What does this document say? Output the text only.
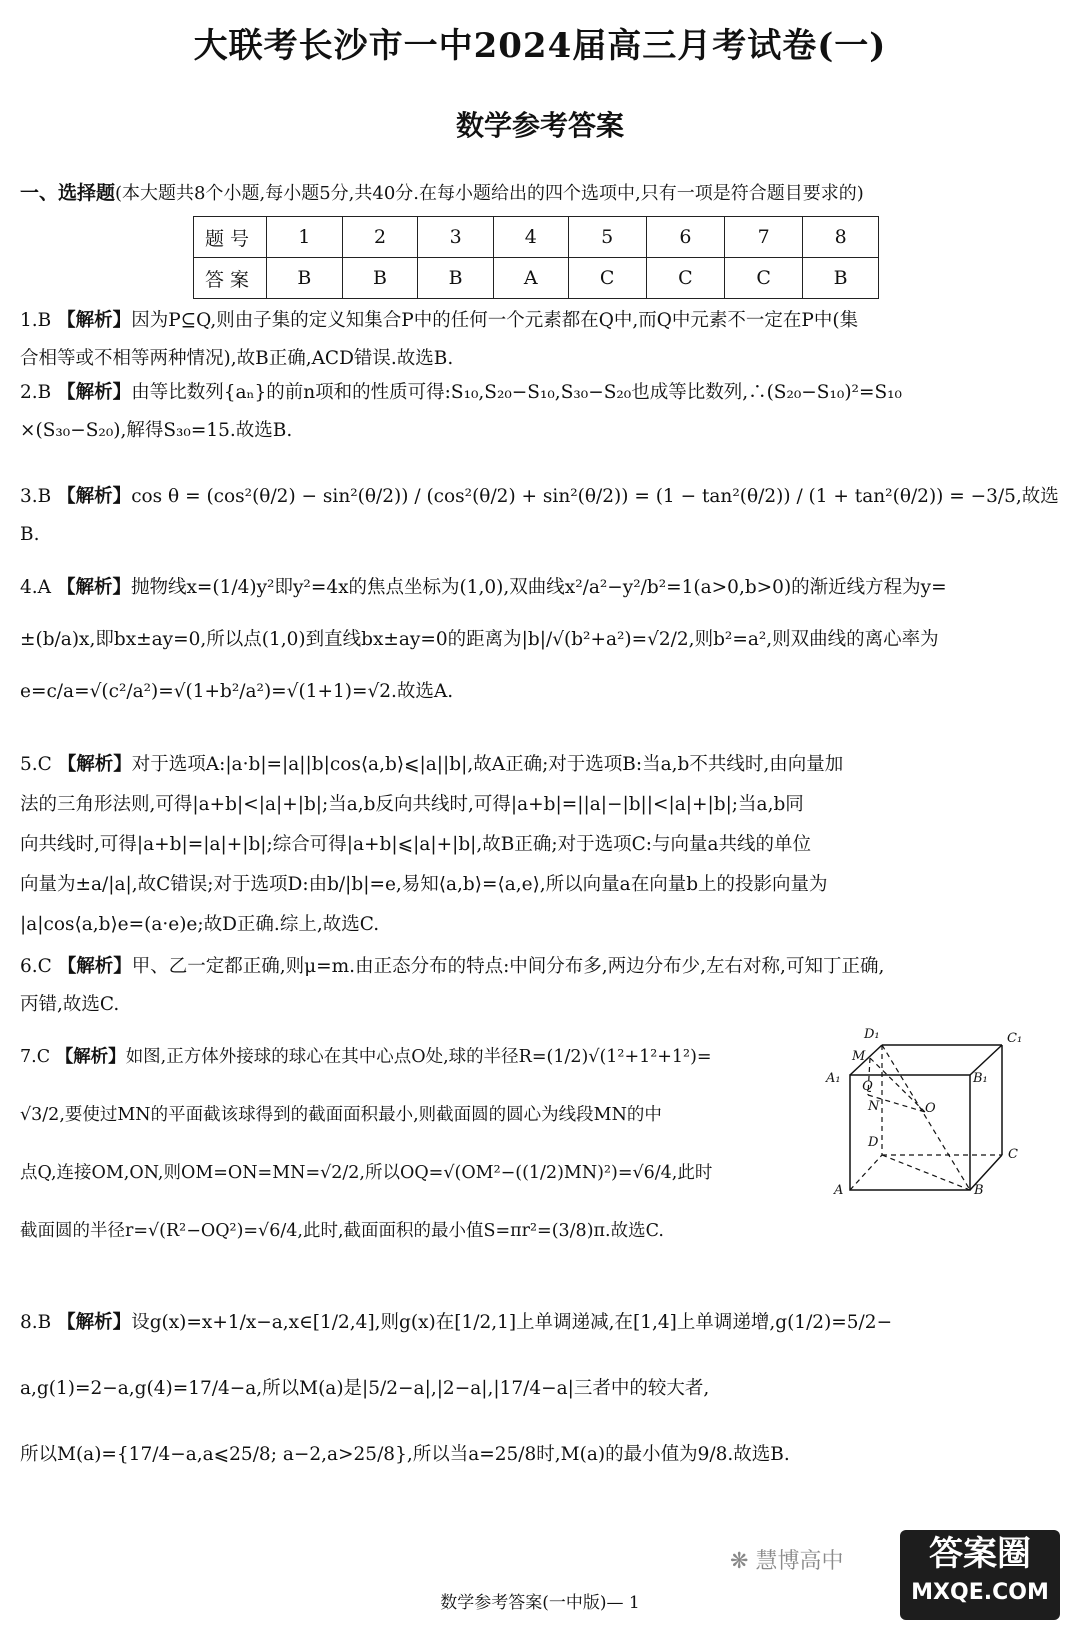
大联考长沙市一中2024届高三月考试卷(一)
数学参考答案
一、选择题(本大题共8个小题,每小题5分,共40分.在每小题给出的四个选项中,只有一项是符合题目要求的)
题号	1	2	3	4	5	6	7	8
答案	B	B	B	A	C	C	C	B

1.B 【解析】因为P⊆Q,则由子集的定义知集合P中的任何一个元素都在Q中,而Q中元素不一定在P中(集

合相等或不相等两种情况),故B正确,ACD错误.故选B.

2.B 【解析】由等比数列{aₙ}的前n项和的性质可得:S₁₀,S₂₀−S₁₀,S₃₀−S₂₀也成等比数列,∴(S₂₀−S₁₀)²=S₁₀

×(S₃₀−S₂₀),解得S₃₀=15.故选B.

3.B 【解析】cos θ = (cos²(θ/2) − sin²(θ/2)) / (cos²(θ/2) + sin²(θ/2)) = (1 − tan²(θ/2)) / (1 + tan²(θ/2)) = −3/5,故选B.

4.A 【解析】抛物线x=(1/4)y²即y²=4x的焦点坐标为(1,0),双曲线x²/a²−y²/b²=1(a>0,b>0)的渐近线方程为y=

±(b/a)x,即bx±ay=0,所以点(1,0)到直线bx±ay=0的距离为|b|/√(b²+a²)=√2/2,则b²=a²,则双曲线的离心率为

e=c/a=√(c²/a²)=√(1+b²/a²)=√(1+1)=√2.故选A.

5.C 【解析】对于选项A:|a·b|=|a||b|cos⟨a,b⟩⩽|a||b|,故A正确;对于选项B:当a,b不共线时,由向量加

法的三角形法则,可得|a+b|<|a|+|b|;当a,b反向共线时,可得|a+b|=||a|−|b||<|a|+|b|;当a,b同

向共线时,可得|a+b|=|a|+|b|;综合可得|a+b|⩽|a|+|b|,故B正确;对于选项C:与向量a共线的单位

向量为±a/|a|,故C错误;对于选项D:由b/|b|=e,易知⟨a,b⟩=⟨a,e⟩,所以向量a在向量b上的投影向量为

|a|cos⟨a,b⟩e=(a·e)e;故D正确.综上,故选C.

6.C 【解析】甲、乙一定都正确,则μ=m.由正态分布的特点:中间分布多,两边分布少,左右对称,可知丁正确,

丙错,故选C.

7.C 【解析】如图,正方体外接球的球心在其中心点O处,球的半径R=(1/2)√(1²+1²+1²)=

√3/2,要使过MN的平面截该球得到的截面面积最小,则截面圆的圆心为线段MN的中

点Q,连接OM,ON,则OM=ON=MN=√2/2,所以OQ=√(OM²−((1/2)MN)²)=√6/4,此时

截面圆的半径r=√(R²−OQ²)=√6/4,此时,截面面积的最小值S=πr²=(3/8)π.故选C.

D₁	C₁
M
A₁	B₁
Q
N	O
D
C
A	B

8.B 【解析】设g(x)=x+1/x−a,x∈[1/2,4],则g(x)在[1/2,1]上单调递减,在[1,4]上单调递增,g(1/2)=5/2−

a,g(1)=2−a,g(4)=17/4−a,所以M(a)是|5/2−a|,|2−a|,|17/4−a|三者中的较大者,

所以M(a)={17/4−a,a⩽25/8; a−2,a>25/8},所以当a=25/8时,M(a)的最小值为9/8.故选B.

❋ 慧博高中	答案圈
MXQE.COM
数学参考答案(一中版)— 1
